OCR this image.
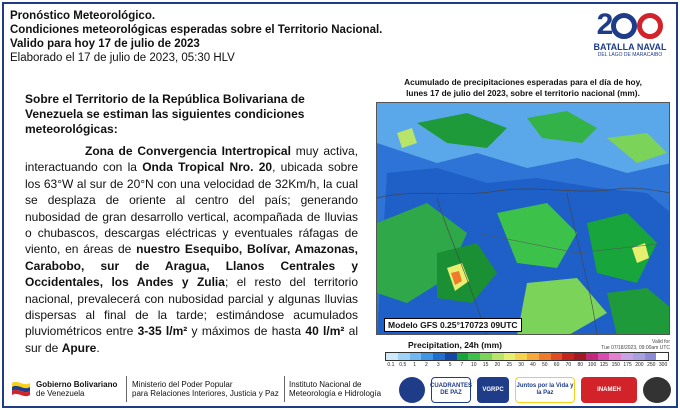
Pronóstico Meteorológico.
Condiciones meteorológicas esperadas sobre el Territorio Nacional.
Valido para hoy 17 de julio de 2023
Elaborado el 17 de julio de 2023, 05:30 HLV
2
BATALLA NAVAL
DEL LAGO DE MARACAIBO
Sobre el Territorio de la República Bolivariana de Venezuela se estiman las siguientes condiciones meteorológicas:

Zona de Convergencia Intertropical muy activa, interactuando con la Onda Tropical Nro. 20, ubicada sobre los 63°W al sur de 20°N con una velocidad de 32Km/h, la cual se desplaza de oriente al centro del país; generando nubosidad de gran desarrollo vertical, acompañada de lluvias o chubascos, descargas eléctricas y eventuales ráfagas de viento, en áreas de nuestro Esequibo, Bolívar, Amazonas, Carabobo, sur de Aragua, Llanos Centrales y Occidentales, los Andes y Zulia; el resto del territorio nacional, prevalecerá con nubosidad parcial y algunas lluvias dispersas al final de la tarde; estimándose acumulados pluviométricos entre 3-35 l/m² y máximos de hasta 40 l/m² al sur de Apure.

Acumulado de precipitaciones esperadas para el día de hoy,
lunes 17 de julio del 2023, sobre el territorio nacional (mm).
Modelo GFS 0.25°170723 09UTC
Precipitation, 24h (mm)	Valid for
Tue 07/18/2023, 09:00am UTC
0.1 0.5 1 2 3 5 7 10 15 20 25 30 40 50 60 70 80 100 125 150 175 200 250 300
Gobierno Bolivariano
de Venezuela
Ministerio del Poder Popular
para Relaciones Interiores, Justicia y Paz
Instituto Nacional de
Meteorología e Hidrología
CUADRANTES DE PAZ
VGRPC
Juntos por la Vida y la Paz
INAMEH
